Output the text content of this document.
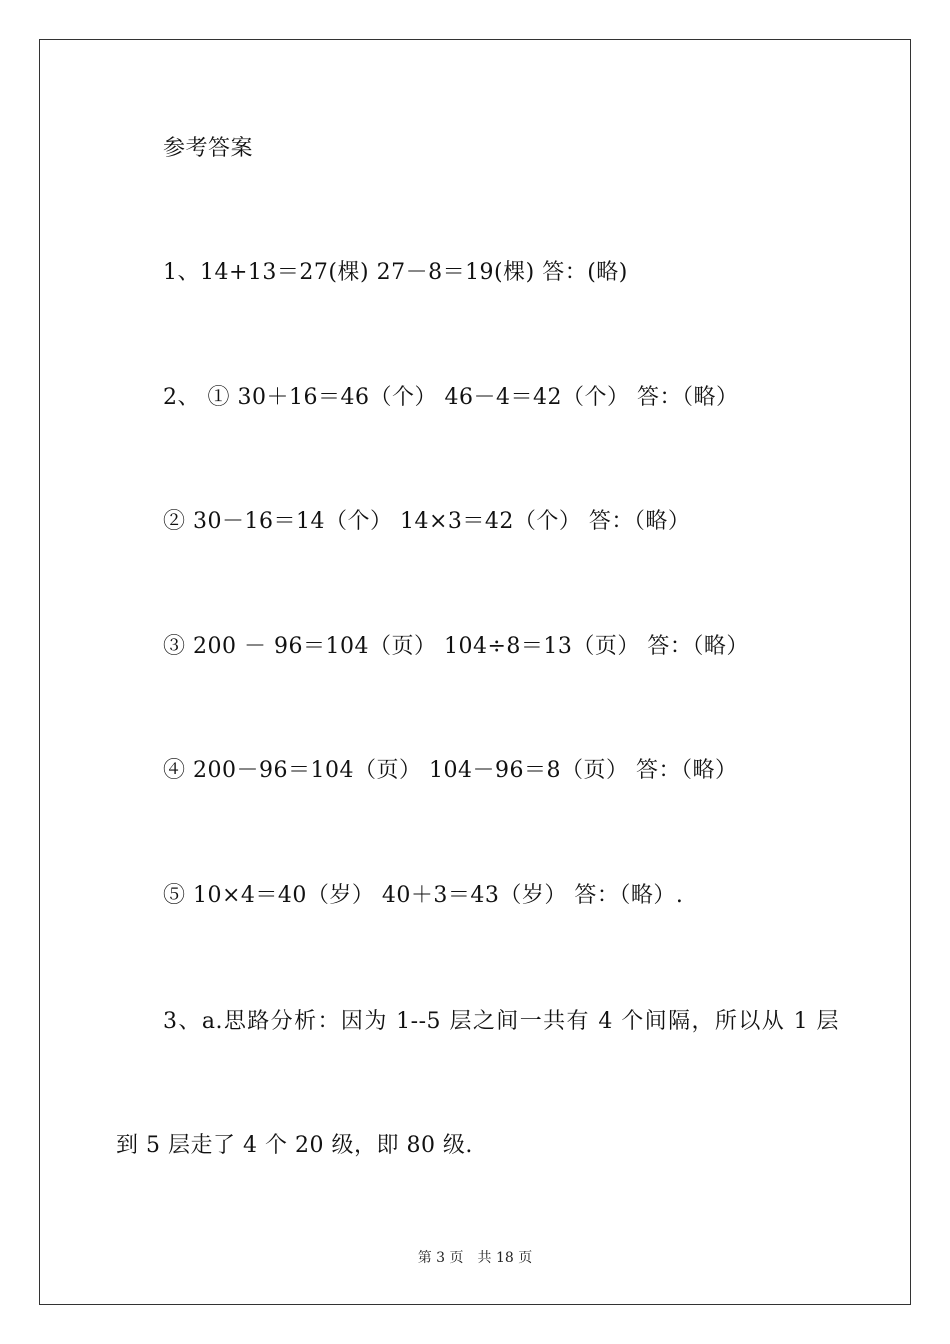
参考答案
1、14+13＝27(棵) 27－8＝19(棵) 答：(略)
2、 ① 30＋16＝46（个） 46－4＝42（个） 答：（略）
② 30－16＝14（个） 14×3＝42（个） 答：（略）
③ 200 － 96＝104（页） 104÷8＝13（页） 答：（略）
④ 200－96＝104（页） 104－96＝8（页） 答：（略）
⑤ 10×4＝40（岁） 40＋3＝43（岁） 答：（略）.
3、a.思路分析：因为 1--5 层之间一共有 4 个间隔，所以从 1 层
到 5 层走了 4 个 20 级，即 80 级.
第 3 页　共 18 页
